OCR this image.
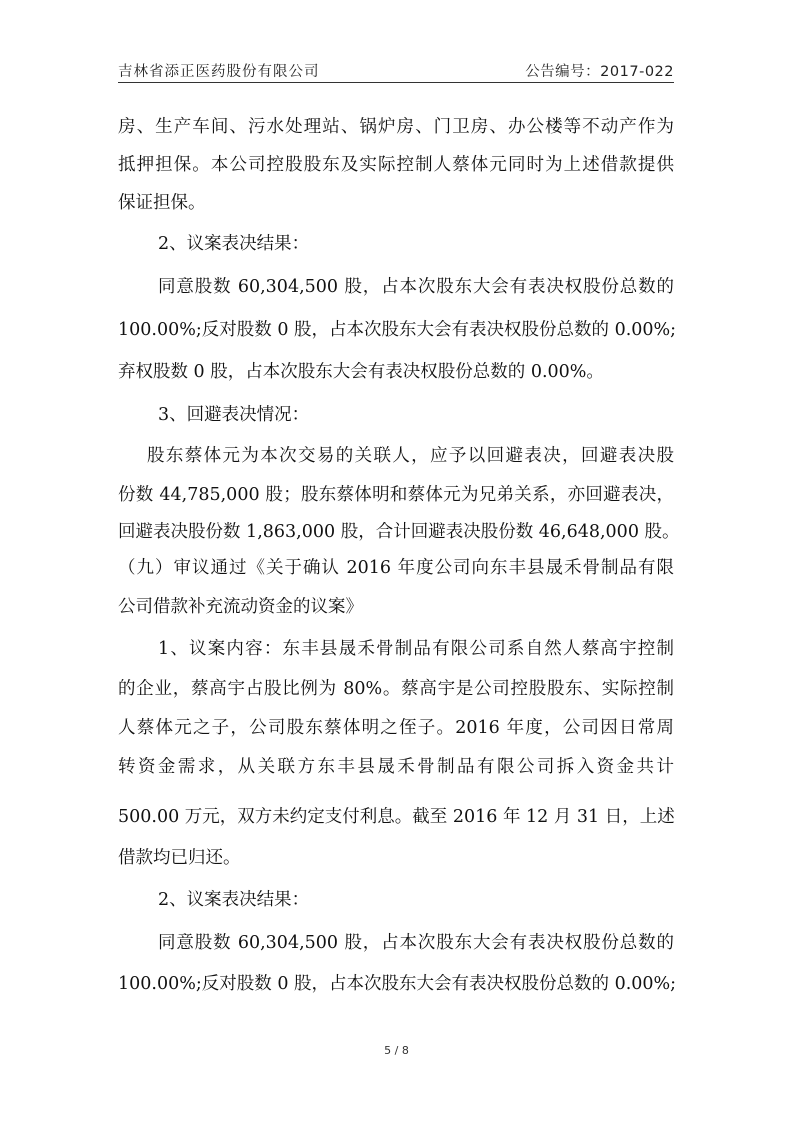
吉林省添正医药股份有限公司	公告编号：2017-022
房、生产车间、污水处理站、锅炉房、门卫房、办公楼等不动产作为
抵押担保。本公司控股股东及实际控制人蔡体元同时为上述借款提供
保证担保。
2、议案表决结果：
同意股数 60,304,500 股，占本次股东大会有表决权股份总数的
100.00%;反对股数 0 股，占本次股东大会有表决权股份总数的 0.00%;
弃权股数 0 股，占本次股东大会有表决权股份总数的 0.00%。
3、回避表决情况：
股东蔡体元为本次交易的关联人，应予以回避表决，回避表决股
份数 44,785,000 股；股东蔡体明和蔡体元为兄弟关系，亦回避表决，
回避表决股份数 1,863,000 股，合计回避表决股份数 46,648,000 股。
（九）审议通过《关于确认 2016 年度公司向东丰县晟禾骨制品有限
公司借款补充流动资金的议案》
1、议案内容：东丰县晟禾骨制品有限公司系自然人蔡高宇控制
的企业，蔡高宇占股比例为 80%。蔡高宇是公司控股股东、实际控制
人蔡体元之子，公司股东蔡体明之侄子。2016 年度，公司因日常周
转资金需求，从关联方东丰县晟禾骨制品有限公司拆入资金共计
500.00 万元，双方未约定支付利息。截至 2016 年 12 月 31 日，上述
借款均已归还。
2、议案表决结果：
同意股数 60,304,500 股，占本次股东大会有表决权股份总数的
100.00%;反对股数 0 股，占本次股东大会有表决权股份总数的 0.00%;
5 / 8
